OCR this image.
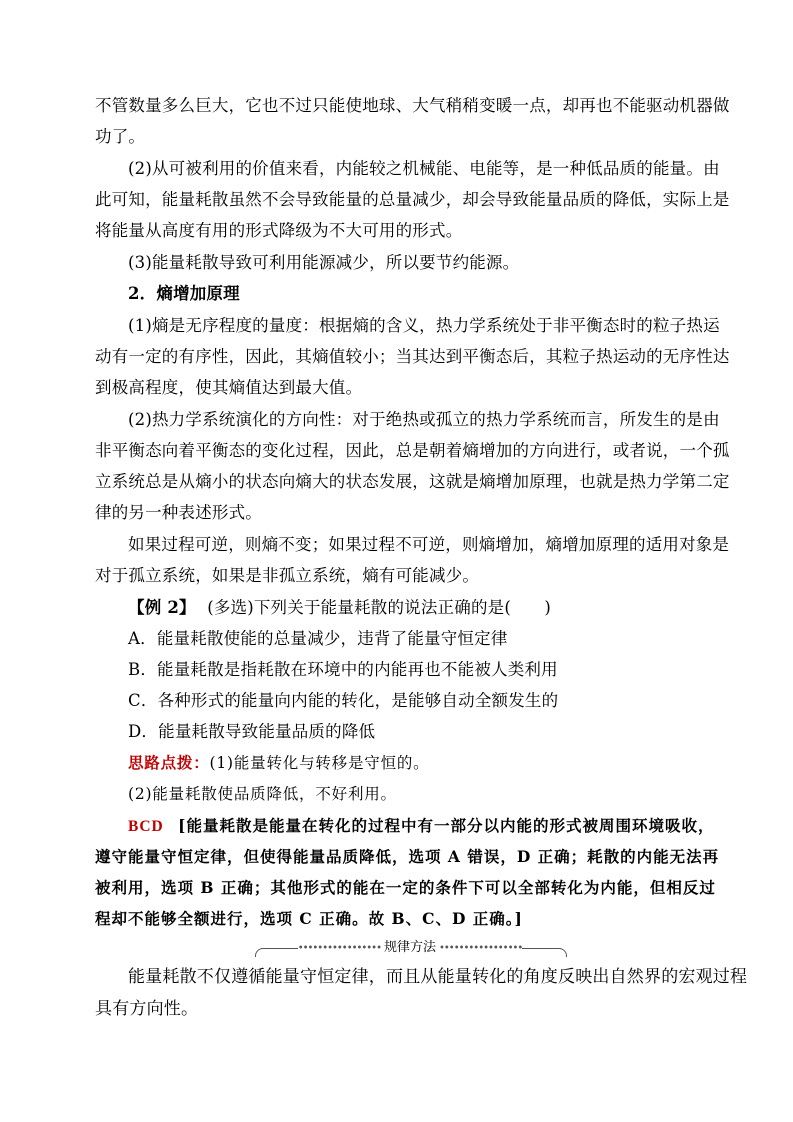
不管数量多么巨大，它也不过只能使地球、大气稍稍变暖一点，却再也不能驱动机器做
功了。
(2)从可被利用的价值来看，内能较之机械能、电能等，是一种低品质的能量。由
此可知，能量耗散虽然不会导致能量的总量减少，却会导致能量品质的降低，实际上是
将能量从高度有用的形式降级为不大可用的形式。
(3)能量耗散导致可利用能源减少，所以要节约能源。
2．熵增加原理
(1)熵是无序程度的量度：根据熵的含义，热力学系统处于非平衡态时的粒子热运
动有一定的有序性，因此，其熵值较小；当其达到平衡态后，其粒子热运动的无序性达
到极高程度，使其熵值达到最大值。
(2)热力学系统演化的方向性：对于绝热或孤立的热力学系统而言，所发生的是由
非平衡态向着平衡态的变化过程，因此，总是朝着熵增加的方向进行，或者说，一个孤
立系统总是从熵小的状态向熵大的状态发展，这就是熵增加原理，也就是热力学第二定
律的另一种表述形式。
如果过程可逆，则熵不变；如果过程不可逆，则熵增加，熵增加原理的适用对象是
对于孤立系统，如果是非孤立系统，熵有可能减少。
【例 2】 (多选)下列关于能量耗散的说法正确的是(　　)
A．能量耗散使能的总量减少，违背了能量守恒定律
B．能量耗散是指耗散在环境中的内能再也不能被人类利用
C．各种形式的能量向内能的转化，是能够自动全额发生的
D．能量耗散导致能量品质的降低
思路点拨：(1)能量转化与转移是守恒的。
(2)能量耗散使品质降低，不好利用。
BCD [能量耗散是能量在转化的过程中有一部分以内能的形式被周围环境吸收，
遵守能量守恒定律，但使得能量品质降低，选项 A 错误，D 正确；耗散的内能无法再
被利用，选项 B 正确；其他形式的能在一定的条件下可以全部转化为内能，但相反过
程却不能够全额进行，选项 C 正确。故 B、C、D 正确。]
••••••••••••••••• 规律方法 •••••••••••••••••
能量耗散不仅遵循能量守恒定律，而且从能量转化的角度反映出自然界的宏观过程
具有方向性。
